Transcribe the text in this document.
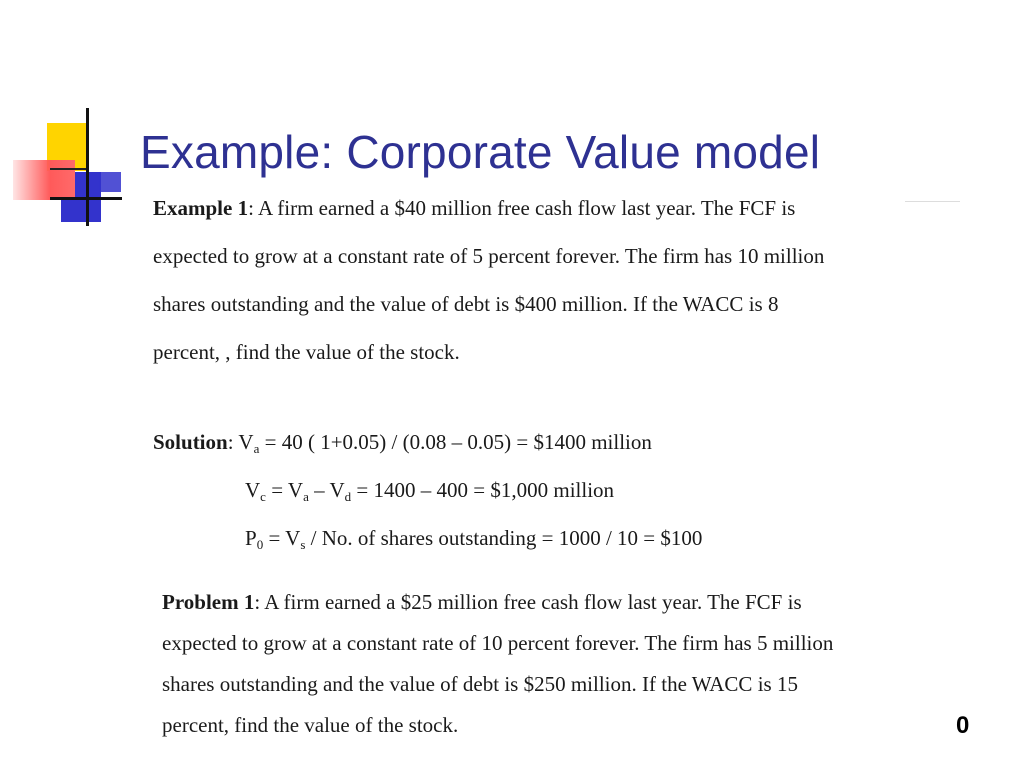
Example: Corporate Value model
Example 1: A firm earned a $40 million free cash flow last year. The FCF is
expected to grow at a constant rate of 5 percent forever. The firm has 10 million
shares outstanding and the value of debt is $400 million. If the WACC is 8
percent, , find the value of the stock.
Solution: $V_a = 40$ ( 1+0.05) / (0.08 – 0.05) = $1400 million
$V_c = V_a - V_d = 1400 - 400$ = $1,000 million
$P_0 = V_s / No$. of shares outstanding = 1000 / 10 = $100
Problem 1: A firm earned a $25 million free cash flow last year. The FCF is
expected to grow at a constant rate of 10 percent forever. The firm has 5 million
shares outstanding and the value of debt is $250 million. If the WACC is 15
percent, find the value of the stock.	0
